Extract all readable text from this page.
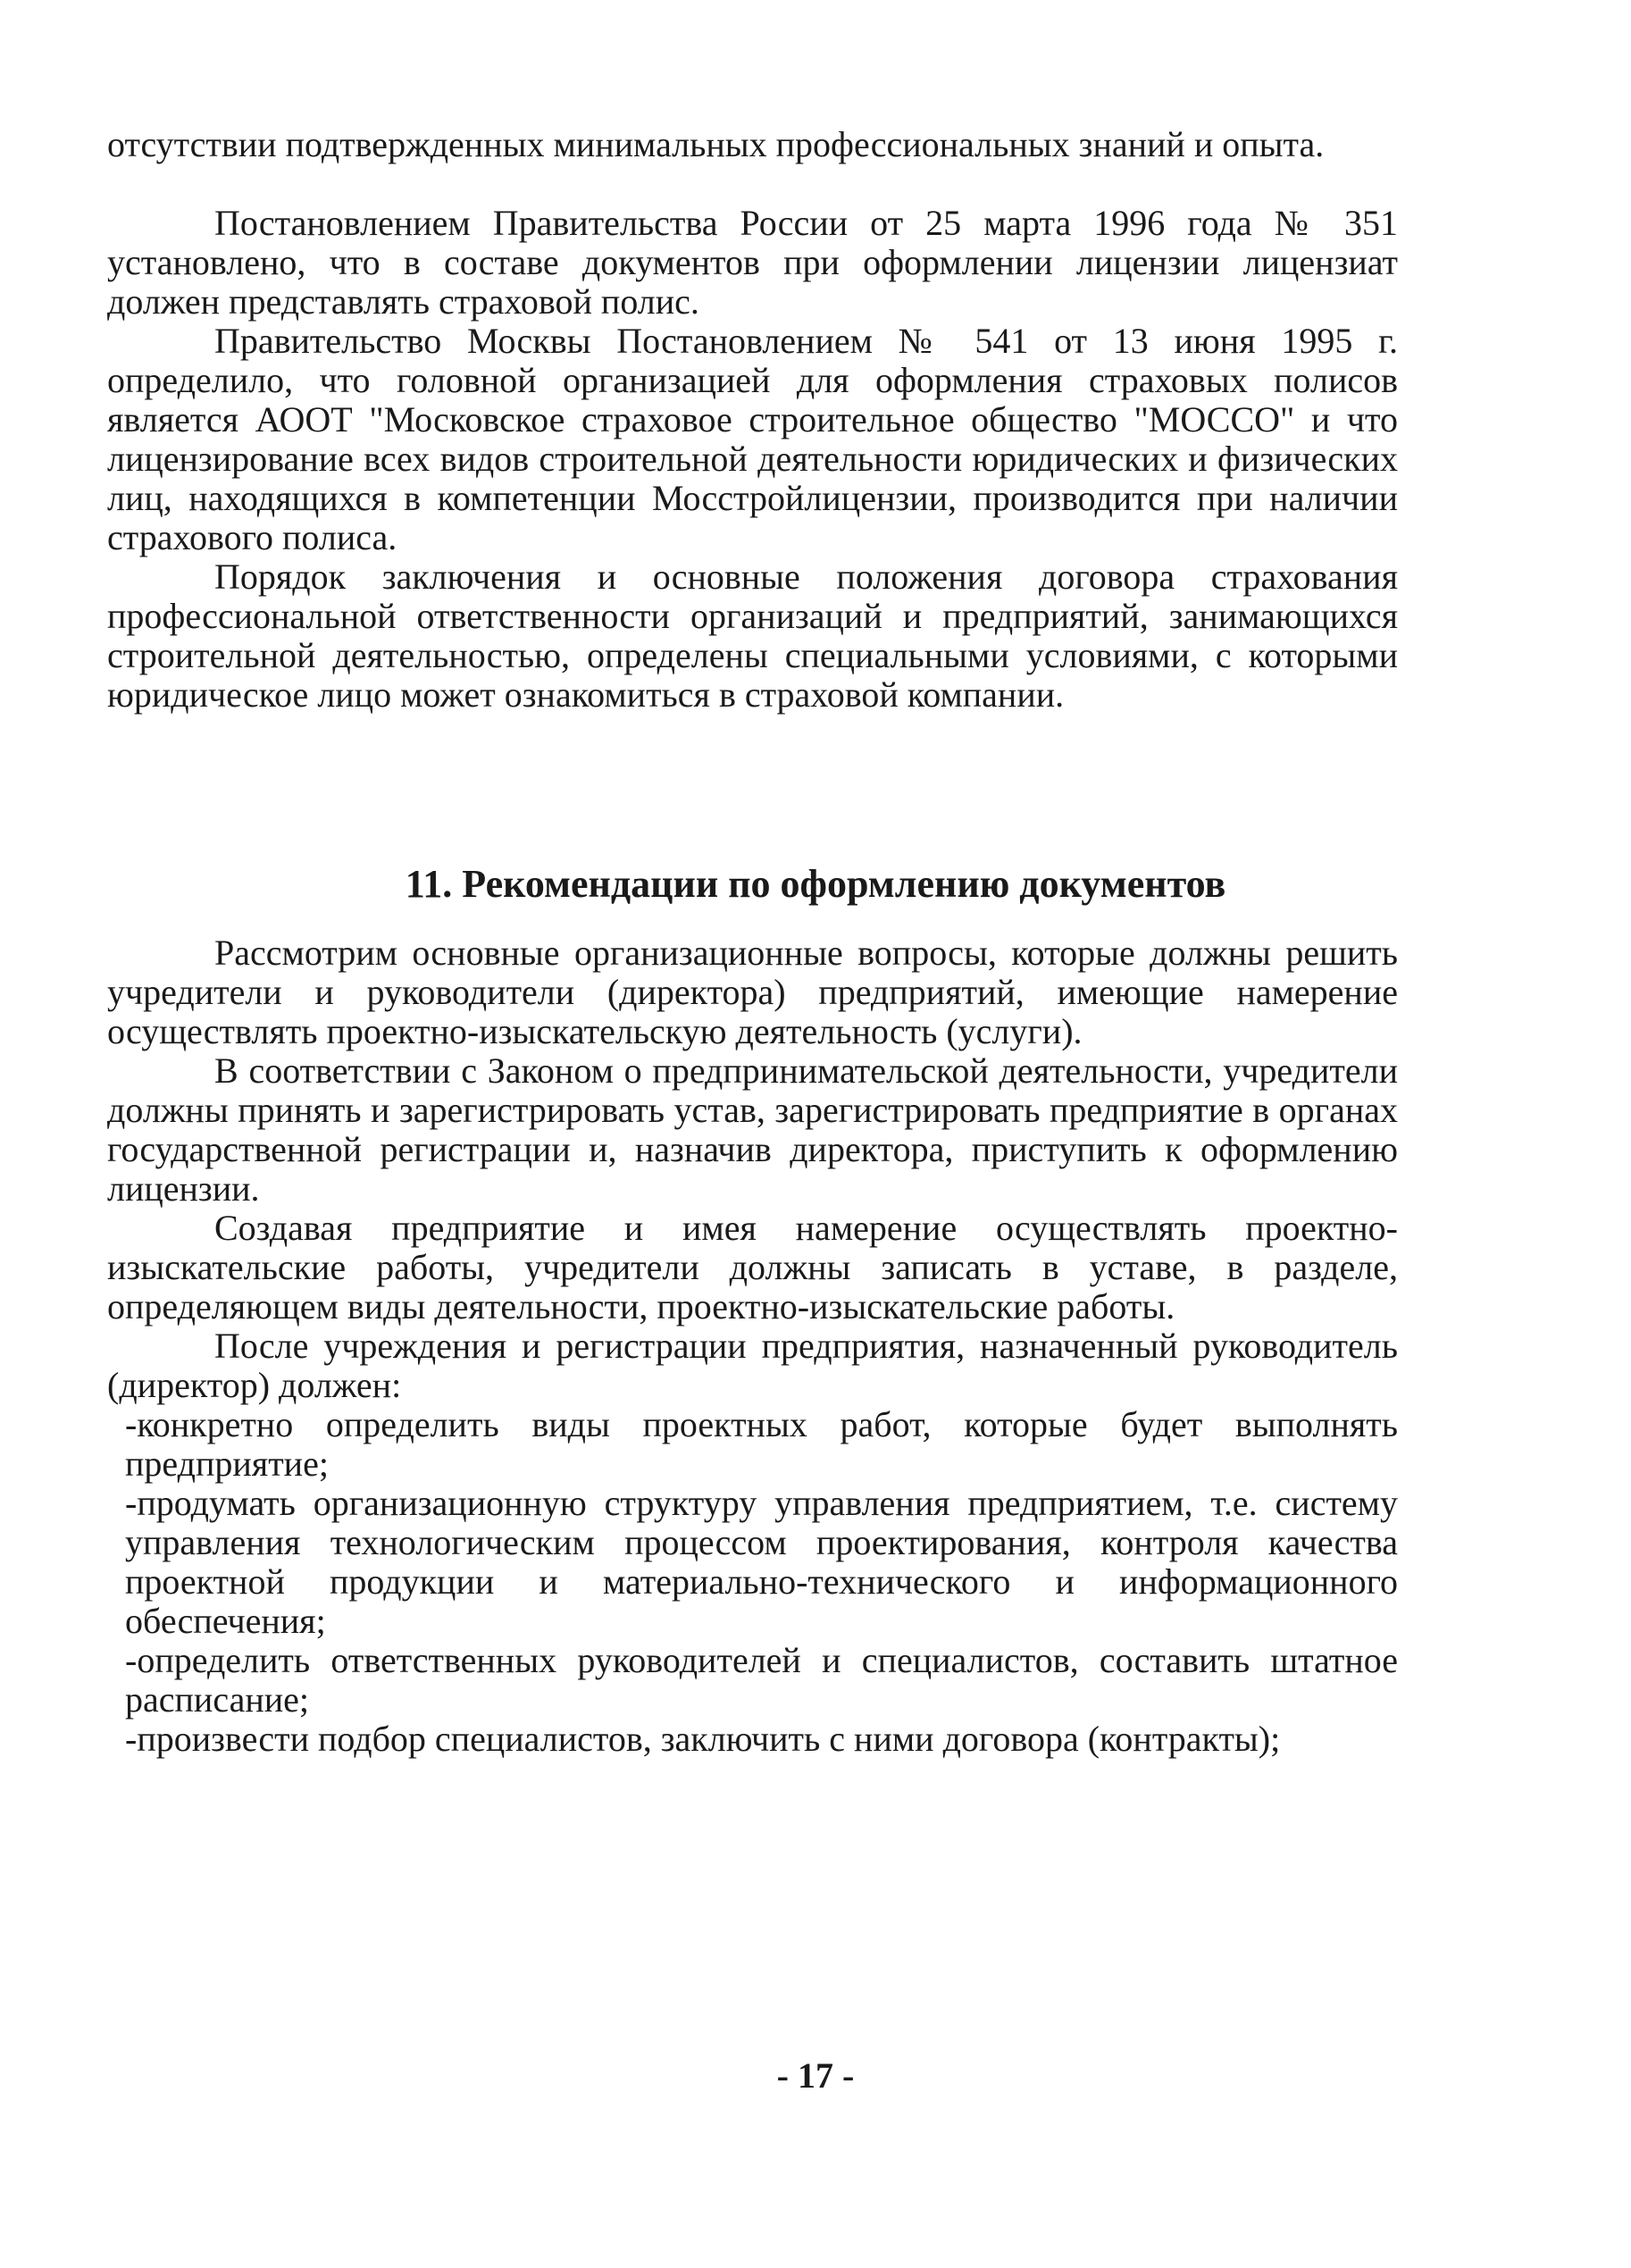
отсутствии подтвержденных минимальных профессиональных знаний и опыта.

Постановлением Правительства России от 25 марта 1996 года № 351 установлено, что в составе документов при оформлении лицензии лицензиат должен представлять страховой полис.

Правительство Москвы Постановлением № 541 от 13 июня 1995 г. определило, что головной организацией для оформления страховых полисов является АООТ "Московское страховое строительное общество "МОССО" и что лицензирование всех видов строительной деятельности юридических и физических лиц, находящихся в компетенции Мосстройлицензии, производится при наличии страхового полиса.

Порядок заключения и основные положения договора страхования профессиональной ответственности организаций и предприятий, занимающихся строительной деятельностью, определены специальными условиями, с которыми юридическое лицо может ознакомиться в страховой компании.

11. Рекомендации по оформлению документов

Рассмотрим основные организационные вопросы, которые должны решить учредители и руководители (директора) предприятий, имеющие намерение осуществлять проектно-изыскательскую деятельность (услуги).

В соответствии с Законом о предпринимательской деятельности, учредители должны принять и зарегистрировать устав, зарегистрировать предприятие в органах государственной регистрации и, назначив директора, приступить к оформлению лицензии.

Создавая предприятие и имея намерение осуществлять проектно-изыскательские работы, учредители должны записать в уставе, в разделе, определяющем виды деятельности, проектно-изыскательские работы.

После учреждения и регистрации предприятия, назначенный руководитель (директор) должен:

-конкретно определить виды проектных работ, которые будет выполнять предприятие;

-продумать организационную структуру управления предприятием, т.е. систему управления технологическим процессом проектирования, контроля качества проектной продукции и материально-технического и информационного обеспечения;

-определить ответственных руководителей и специалистов, составить штатное расписание;

-произвести подбор специалистов, заключить с ними договора (контракты);

- 17 -
